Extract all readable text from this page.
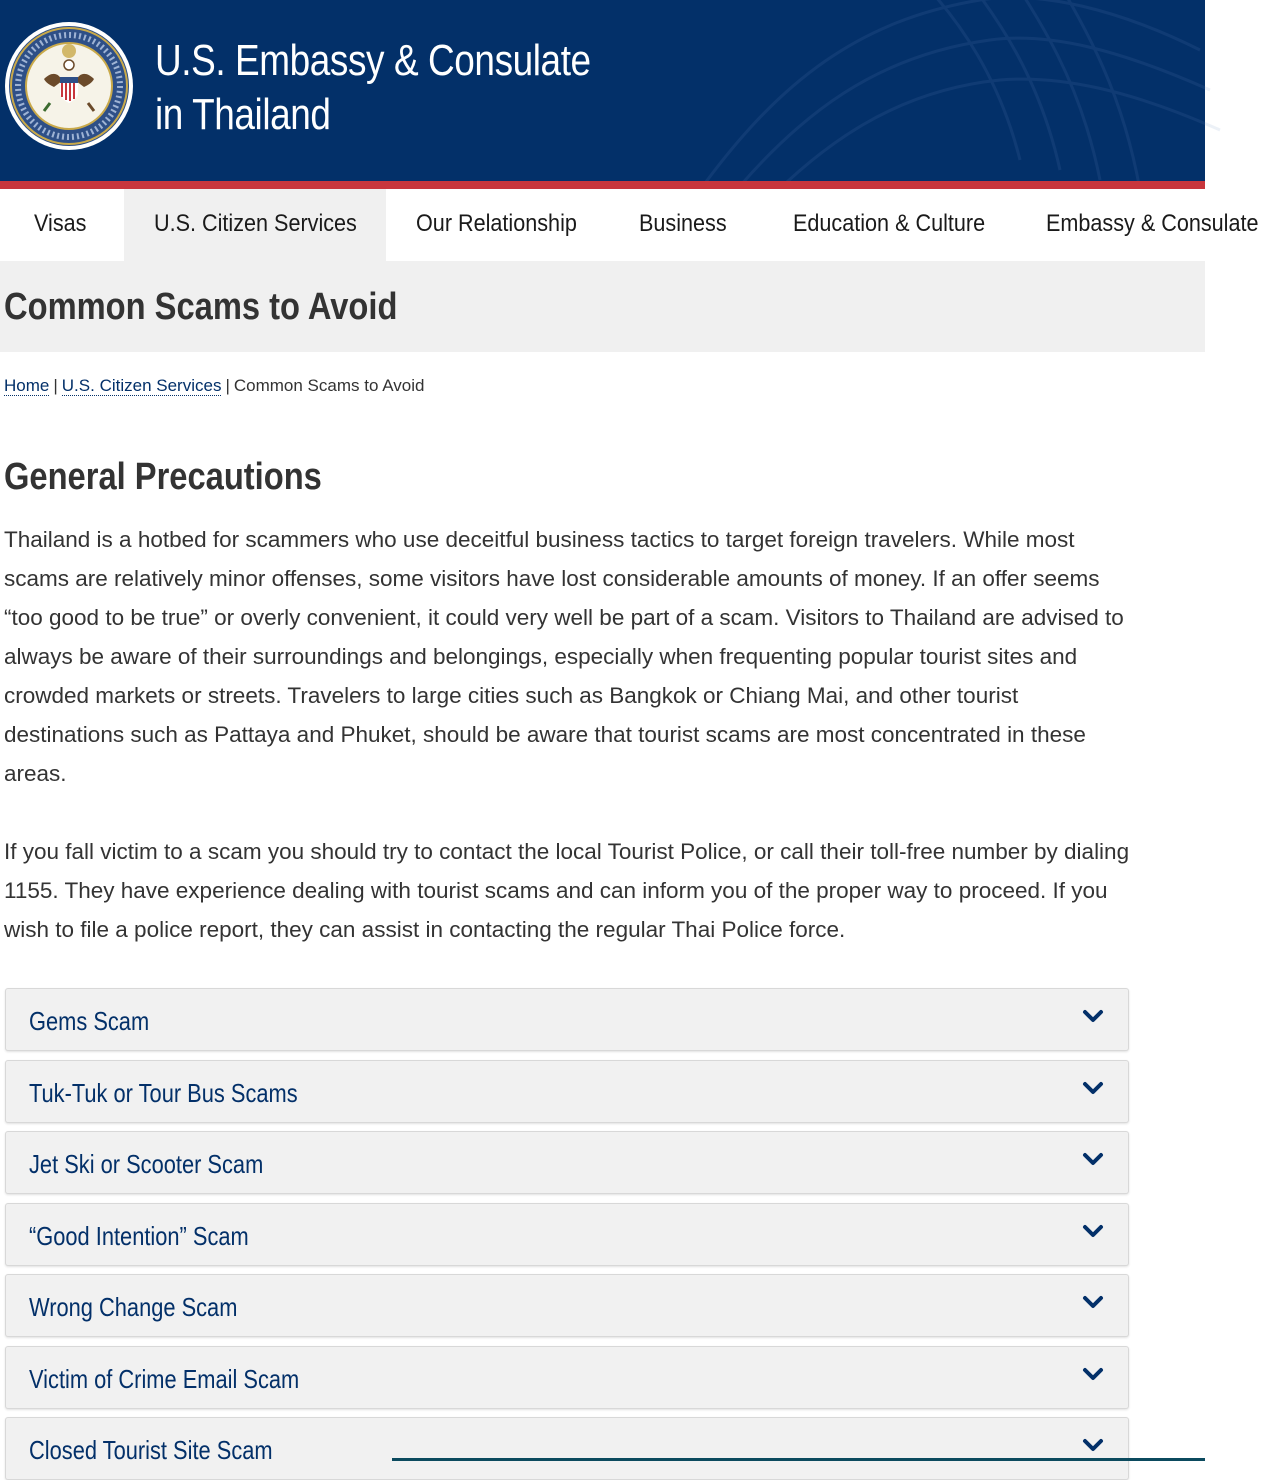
U.S. Embassy & Consulate
in Thailand
Visas	U.S. Citizen Services	Our Relationship	Business	Education & Culture	Embassy & Consulate
Common Scams to Avoid
Home | U.S. Citizen Services | Common Scams to Avoid
General Precautions

Thailand is a hotbed for scammers who use deceitful business tactics to target foreign travelers. While most scams are relatively minor offenses, some visitors have lost considerable amounts of money. If an offer seems “too good to be true” or overly convenient, it could very well be part of a scam. Visitors to Thailand are advised to always be aware of their surroundings and belongings, especially when frequenting popular tourist sites and crowded markets or streets. Travelers to large cities such as Bangkok or Chiang Mai, and other tourist destinations such as Pattaya and Phuket, should be aware that tourist scams are most concentrated in these areas.

If you fall victim to a scam you should try to contact the local Tourist Police, or call their toll-free number by dialing 1155. They have experience dealing with tourist scams and can inform you of the proper way to proceed. If you wish to file a police report, they can assist in contacting the regular Thai Police force.

Gems Scam
Tuk-Tuk or Tour Bus Scams
Jet Ski or Scooter Scam
“Good Intention” Scam
Wrong Change Scam
Victim of Crime Email Scam
Closed Tourist Site Scam
